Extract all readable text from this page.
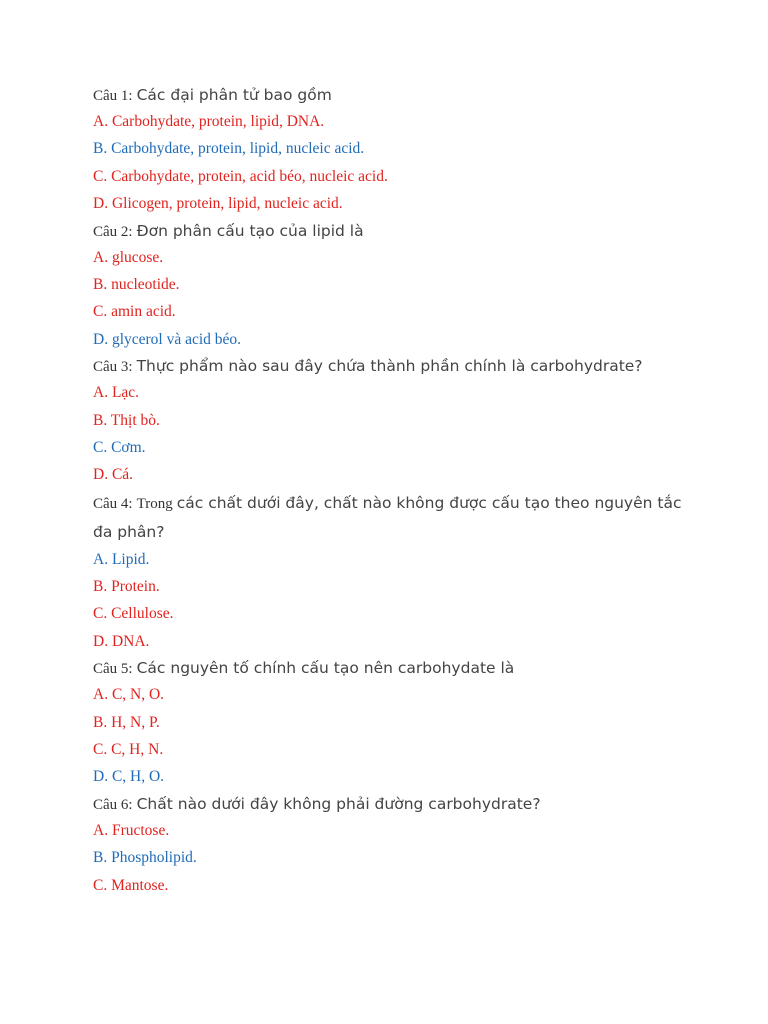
Câu 1: Các đại phân tử bao gồm
A. Carbohydate, protein, lipid, DNA.
B. Carbohydate, protein, lipid, nucleic acid.
C. Carbohydate, protein, acid béo, nucleic acid.
D. Glicogen, protein, lipid, nucleic acid.
Câu 2: Đơn phân cấu tạo của lipid là
A. glucose.
B. nucleotide.
C. amin acid.
D. glycerol và acid béo.
Câu 3: Thực phẩm nào sau đây chứa thành phần chính là carbohydrate?
A. Lạc.
B. Thịt bò.
C. Cơm.
D. Cá.
Câu 4: Trong các chất dưới đây, chất nào không được cấu tạo theo nguyên tắc đa phân?
A. Lipid.
B. Protein.
C. Cellulose.
D. DNA.
Câu 5: Các nguyên tố chính cấu tạo nên carbohydate là
A. C, N, O.
B. H, N, P.
C. C, H, N.
D. C, H, O.
Câu 6: Chất nào dưới đây không phải đường carbohydrate?
A. Fructose.
B. Phospholipid.
C. Mantose.
